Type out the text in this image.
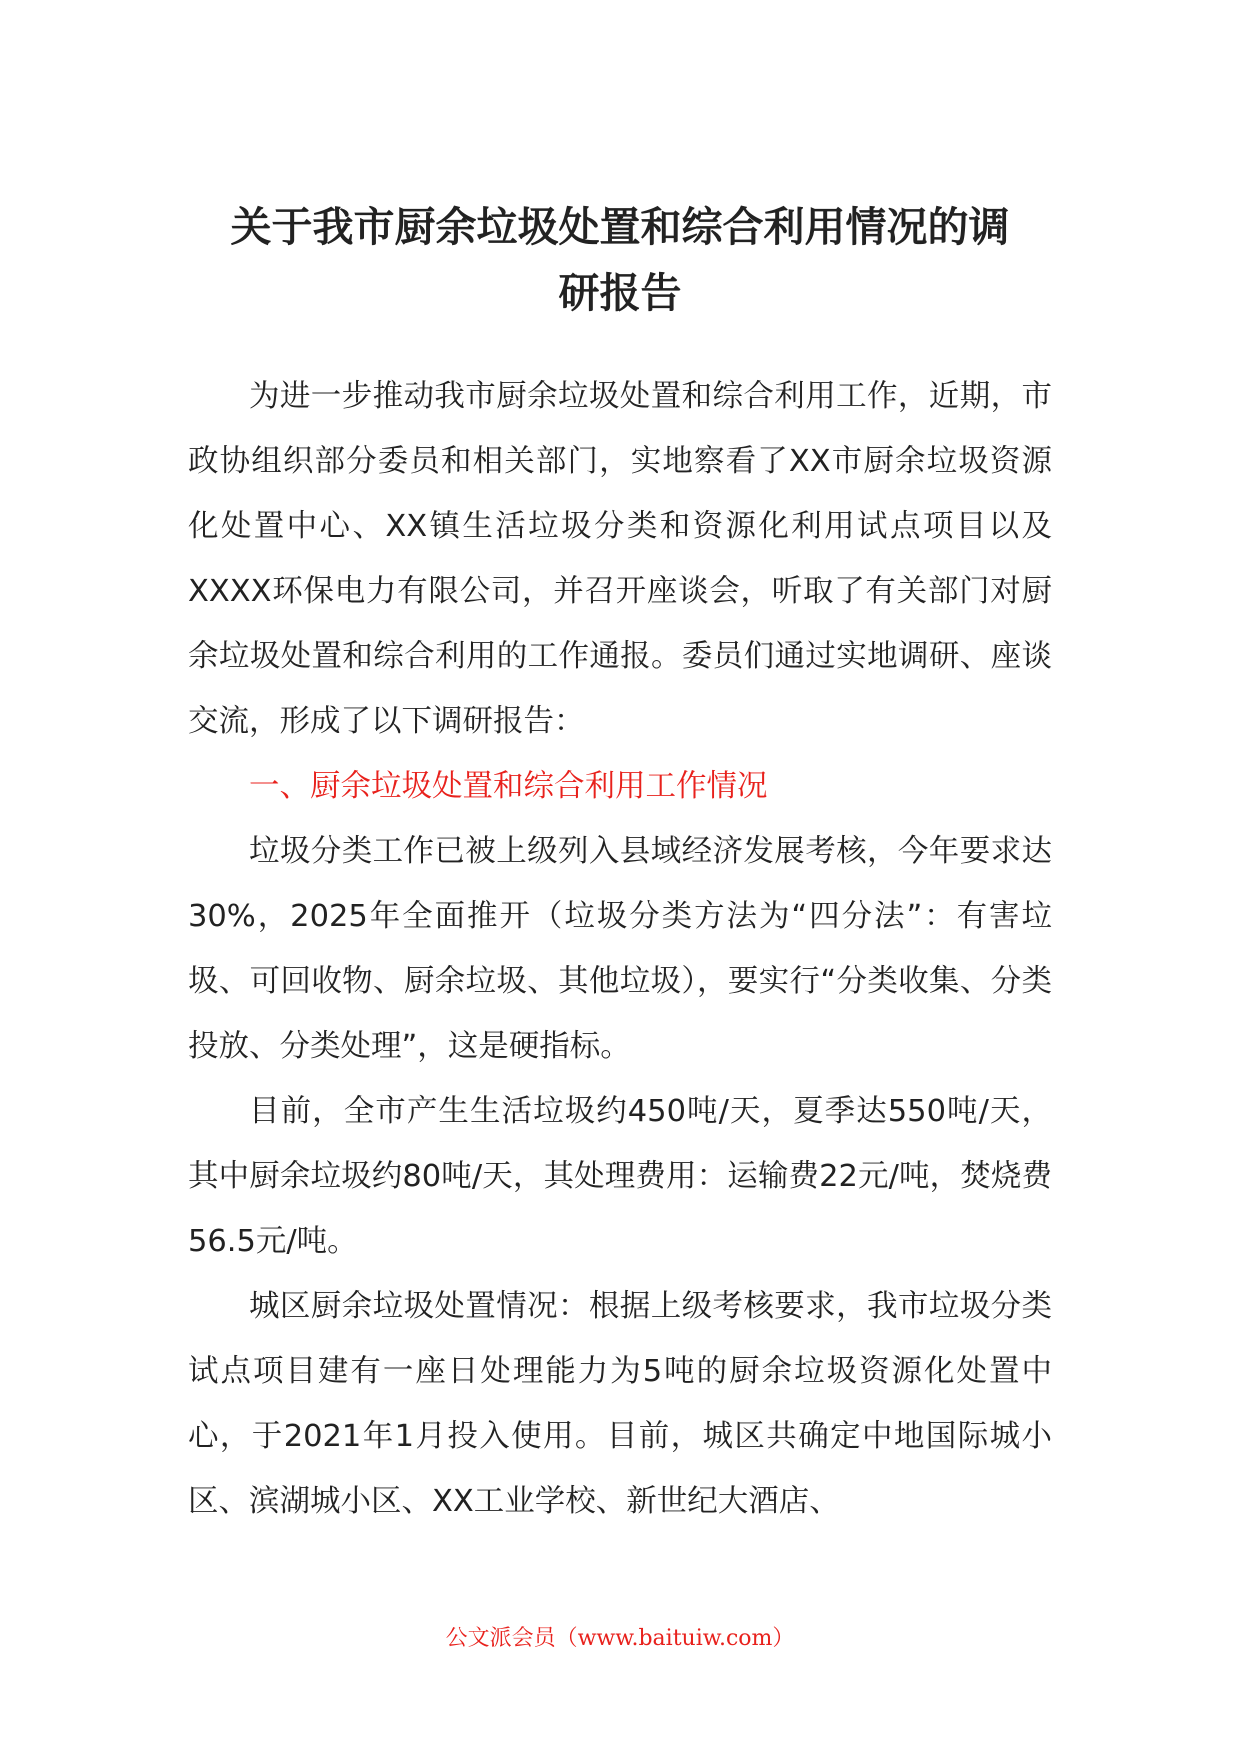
关于我市厨余垃圾处置和综合利用情况的调
研报告

为进一步推动我市厨余垃圾处置和综合利用工作，近期，市政协组织部分委员和相关部门，实地察看了XX市厨余垃圾资源化处置中心、XX镇生活垃圾分类和资源化利用试点项目以及XXXX环保电力有限公司，并召开座谈会，听取了有关部门对厨余垃圾处置和综合利用的工作通报。委员们通过实地调研、座谈交流，形成了以下调研报告：

一、厨余垃圾处置和综合利用工作情况

垃圾分类工作已被上级列入县域经济发展考核，今年要求达30%，2025年全面推开（垃圾分类方法为“四分法”：有害垃圾、可回收物、厨余垃圾、其他垃圾），要实行“分类收集、分类投放、分类处理”，这是硬指标。

目前，全市产生生活垃圾约450吨/天，夏季达550吨/天，其中厨余垃圾约80吨/天，其处理费用：运输费22元/吨，焚烧费56.5元/吨。

城区厨余垃圾处置情况：根据上级考核要求，我市垃圾分类试点项目建有一座日处理能力为5吨的厨余垃圾资源化处置中心，于2021年1月投入使用。目前，城区共确定中地国际城小区、滨湖城小区、XX工业学校、新世纪大酒店、

公文派会员（www.baituiw.com）
